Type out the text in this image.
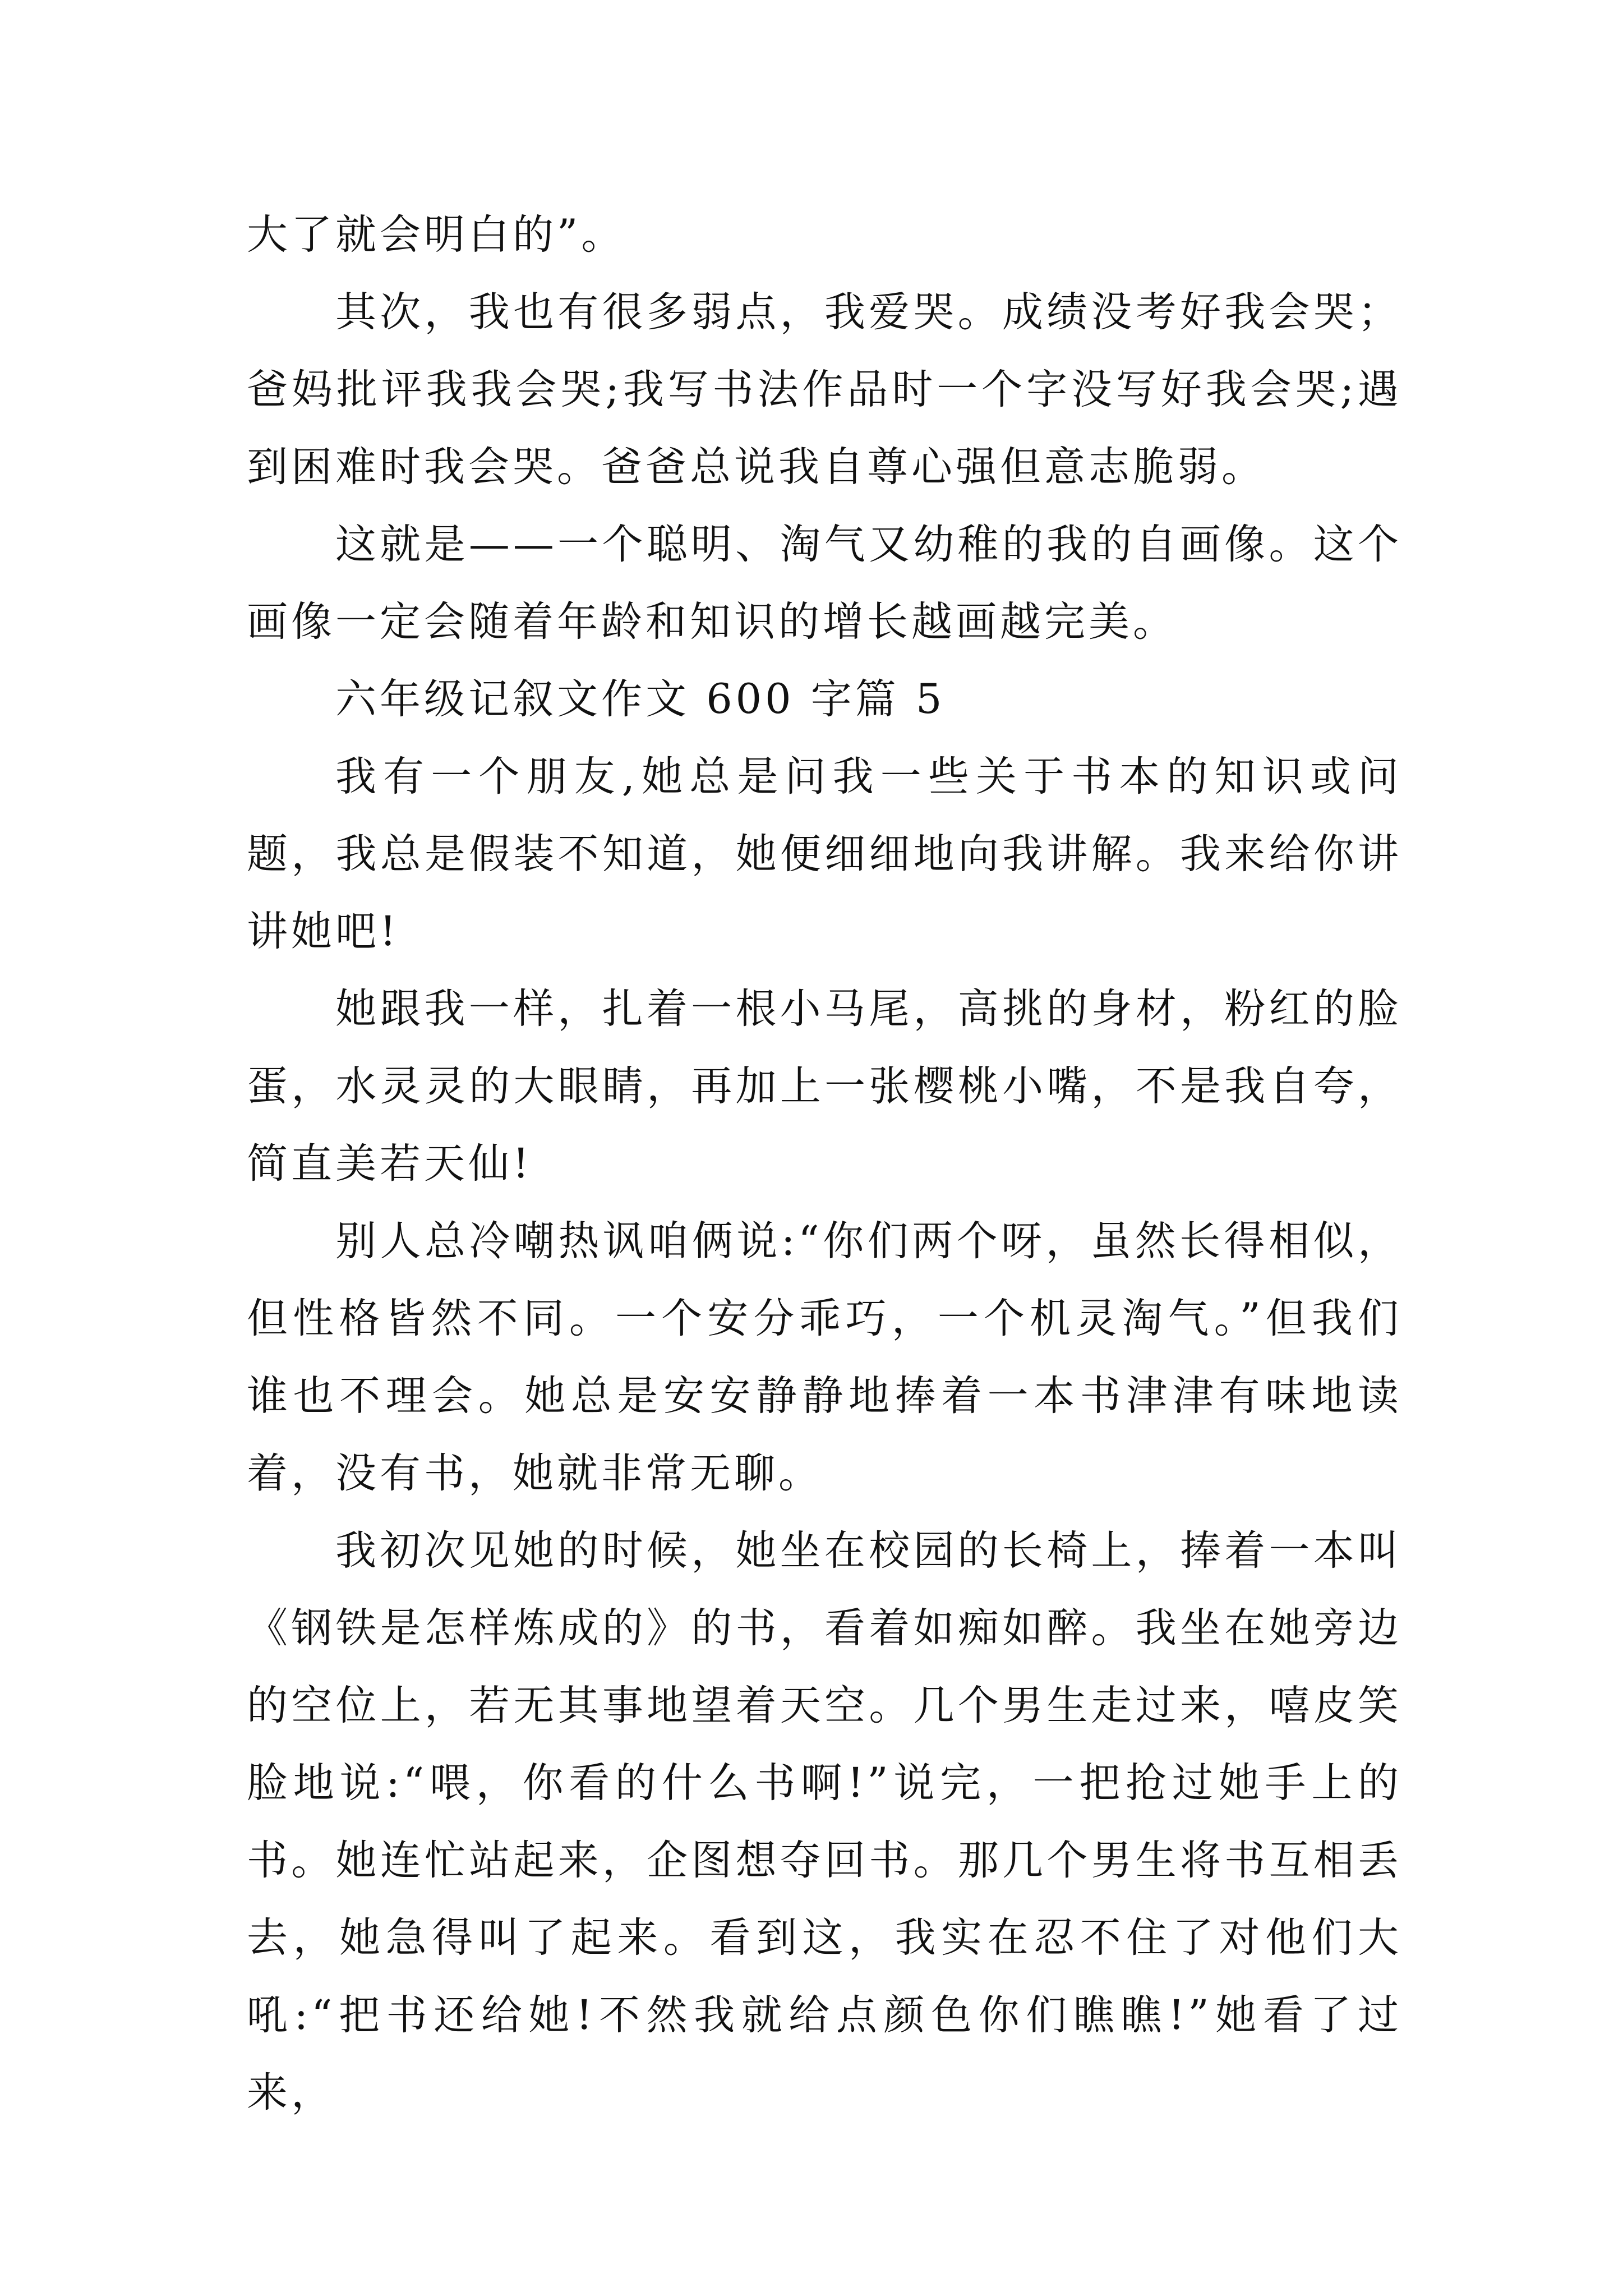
大了就会明白的”。

其次，我也有很多弱点，我爱哭。成绩没考好我会哭；爸妈批评我我会哭;我写书法作品时一个字没写好我会哭;遇到困难时我会哭。爸爸总说我自尊心强但意志脆弱。

这就是——一个聪明、淘气又幼稚的我的自画像。这个画像一定会随着年龄和知识的增长越画越完美。

六年级记叙文作文 600 字篇 5

我有一个朋友,她总是问我一些关于书本的知识或问题，我总是假装不知道，她便细细地向我讲解。我来给你讲讲她吧!

她跟我一样，扎着一根小马尾，高挑的身材，粉红的脸蛋，水灵灵的大眼睛，再加上一张樱桃小嘴，不是我自夸，简直美若天仙!

别人总冷嘲热讽咱俩说:“你们两个呀，虽然长得相似，但性格皆然不同。一个安分乖巧，一个机灵淘气。”但我们谁也不理会。她总是安安静静地捧着一本书津津有味地读着，没有书，她就非常无聊。

我初次见她的时候，她坐在校园的长椅上，捧着一本叫《钢铁是怎样炼成的》的书，看着如痴如醉。我坐在她旁边的空位上，若无其事地望着天空。几个男生走过来，嘻皮笑脸地说:“喂，你看的什么书啊!”说完，一把抢过她手上的书。她连忙站起来，企图想夺回书。那几个男生将书互相丢去，她急得叫了起来。看到这，我实在忍不住了对他们大吼:“把书还给她!不然我就给点颜色你们瞧瞧!”她看了过来，
